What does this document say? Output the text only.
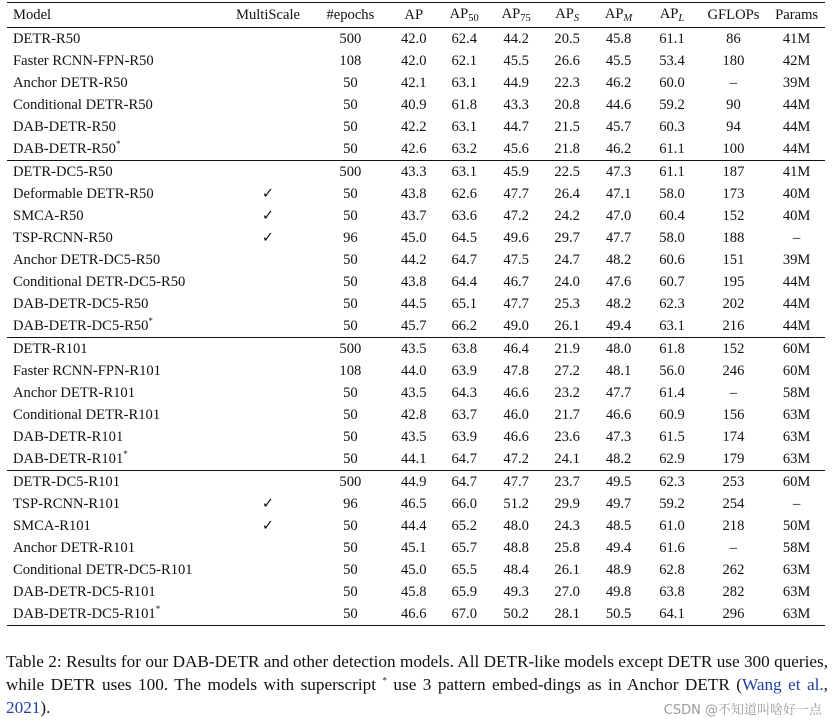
Model	MultiScale	#epochs	AP	$AP_{50}$	$AP_{75}$	$AP_S$	$AP_M$	$AP_L$	GFLOPs	Params
DETR-R50		500	42.0	62.4	44.2	20.5	45.8	61.1	86	41M
Faster RCNN-FPN-R50		108	42.0	62.1	45.5	26.6	45.5	53.4	180	42M
Anchor DETR-R50		50	42.1	63.1	44.9	22.3	46.2	60.0	–	39M
Conditional DETR-R50		50	40.9	61.8	43.3	20.8	44.6	59.2	90	44M
DAB-DETR-R50		50	42.2	63.1	44.7	21.5	45.7	60.3	94	44M
DAB-DETR-R50*		50	42.6	63.2	45.6	21.8	46.2	61.1	100	44M
DETR-DC5-R50		500	43.3	63.1	45.9	22.5	47.3	61.1	187	41M
Deformable DETR-R50	✓	50	43.8	62.6	47.7	26.4	47.1	58.0	173	40M
SMCA-R50	✓	50	43.7	63.6	47.2	24.2	47.0	60.4	152	40M
TSP-RCNN-R50	✓	96	45.0	64.5	49.6	29.7	47.7	58.0	188	–
Anchor DETR-DC5-R50		50	44.2	64.7	47.5	24.7	48.2	60.6	151	39M
Conditional DETR-DC5-R50		50	43.8	64.4	46.7	24.0	47.6	60.7	195	44M
DAB-DETR-DC5-R50		50	44.5	65.1	47.7	25.3	48.2	62.3	202	44M
DAB-DETR-DC5-R50*		50	45.7	66.2	49.0	26.1	49.4	63.1	216	44M
DETR-R101		500	43.5	63.8	46.4	21.9	48.0	61.8	152	60M
Faster RCNN-FPN-R101		108	44.0	63.9	47.8	27.2	48.1	56.0	246	60M
Anchor DETR-R101		50	43.5	64.3	46.6	23.2	47.7	61.4	–	58M
Conditional DETR-R101		50	42.8	63.7	46.0	21.7	46.6	60.9	156	63M
DAB-DETR-R101		50	43.5	63.9	46.6	23.6	47.3	61.5	174	63M
DAB-DETR-R101*		50	44.1	64.7	47.2	24.1	48.2	62.9	179	63M
DETR-DC5-R101		500	44.9	64.7	47.7	23.7	49.5	62.3	253	60M
TSP-RCNN-R101	✓	96	46.5	66.0	51.2	29.9	49.7	59.2	254	–
SMCA-R101	✓	50	44.4	65.2	48.0	24.3	48.5	61.0	218	50M
Anchor DETR-R101		50	45.1	65.7	48.8	25.8	49.4	61.6	–	58M
Conditional DETR-DC5-R101		50	45.0	65.5	48.4	26.1	48.9	62.8	262	63M
DAB-DETR-DC5-R101		50	45.8	65.9	49.3	27.0	49.8	63.8	282	63M
DAB-DETR-DC5-R101*		50	46.6	67.0	50.2	28.1	50.5	64.1	296	63M
Table 2: Results for our DAB-DETR and other detection models. All DETR-like models except DETR use 300 queries, while DETR uses 100. The models with superscript * use 3 pattern embed-dings as in Anchor DETR (Wang et al., 2021).	CSDN @不知道叫啥好一点
